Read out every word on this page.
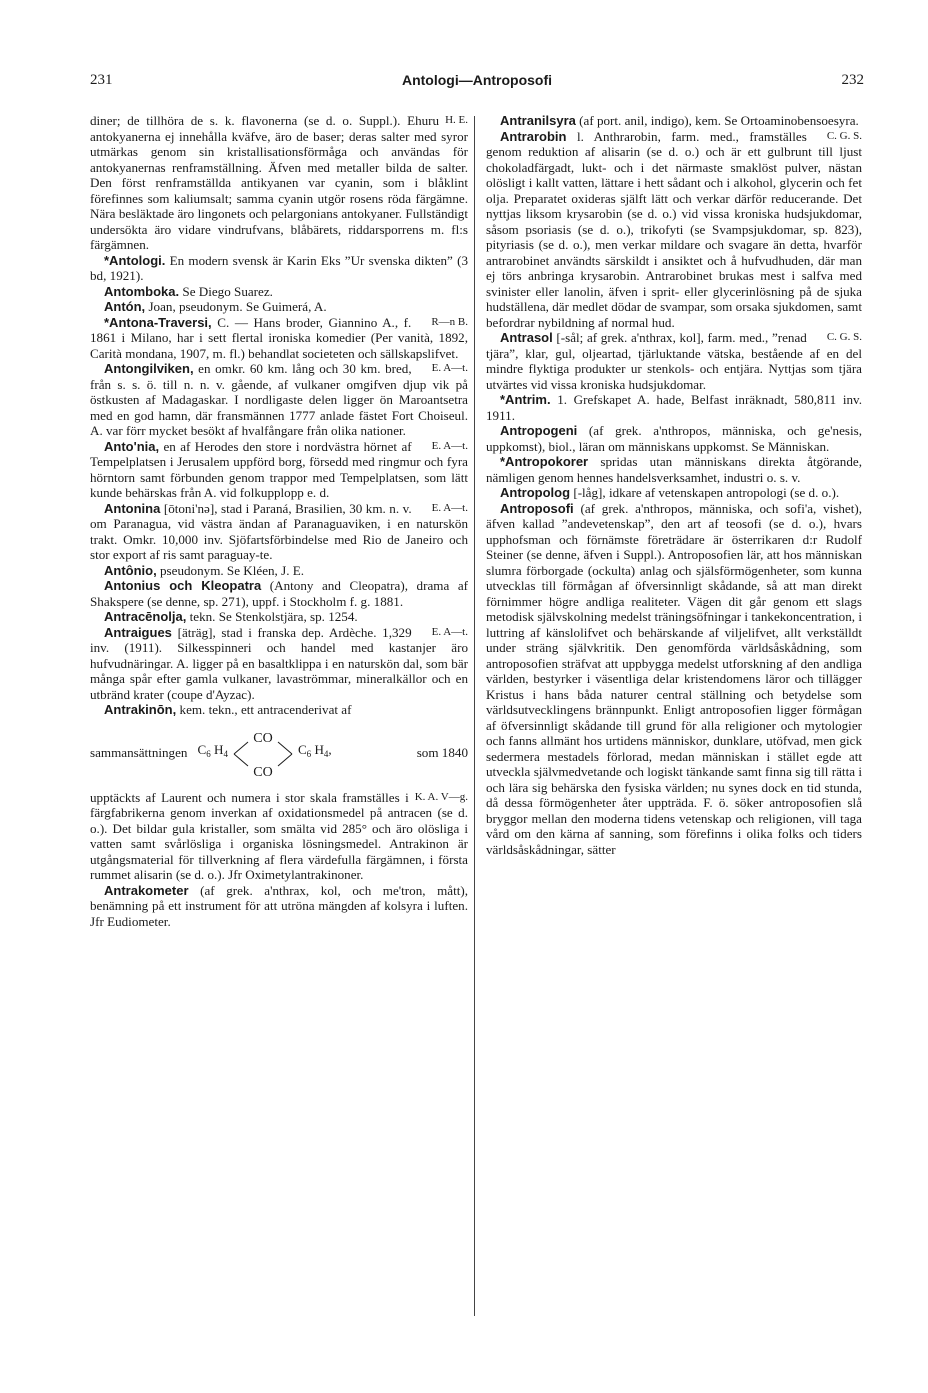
231	Antologi—Antroposofi	232

H. E.
diner; de tillhöra de s. k. flavonerna (se d. o. Suppl.). Ehuru antokyanerna ej innehålla kväfve, äro de baser; deras salter med syror utmärkas genom sin kristallisationsförmåga och användas för antokyanernas renframställning. Äfven med metaller bilda de salter. Den först renframställda antikyanen var cyanin, som i blåklint förefinnes som kaliumsalt; samma cyanin utgör rosens röda färgämne. Nära besläktade äro lingonets och pelargonians antokyaner. Fullständigt undersökta äro vidare vindrufvans, blåbärets, riddarsporrens m. fl:s färgämnen.

*Antologi. En modern svensk är Karin Eks ”Ur svenska dikten” (3 bd, 1921).

Antomboka. Se Diego Suarez.

Antón, Joan, pseudonym. Se Guimerá, A.

R—n B.
*Antona-Traversi, C. — Hans broder, Giannino A., f. 1861 i Milano, har i sett flertal ironiska komedier (Per vanità, 1892, Carità mondana, 1907, m. fl.) behandlat societeten och sällskapslifvet.

E. A—t.
Antongilviken, en omkr. 60 km. lång och 30 km. bred, från s. s. ö. till n. n. v. gående, af vulkaner omgifven djup vik på östkusten af Madagaskar. I nordligaste delen ligger ön Maroantsetra med en god hamn, där fransmännen 1777 anlade fästet Fort Choiseul. A. var förr mycket besökt af hvalfångare från olika nationer.

E. A—t.
Anto'nia, en af Herodes den store i nordvästra hörnet af Tempelplatsen i Jerusalem uppförd borg, försedd med ringmur och fyra hörntorn samt förbunden genom trappor med Tempelplatsen, som lätt kunde behärskas från A. vid folkupplopp e. d.

E. A—t.
Antonina [ōtoni'nə], stad i Paraná, Brasilien, 30 km. n. v. om Paranagua, vid västra ändan af Paranaguaviken, i en naturskön trakt. Omkr. 10,000 inv. Sjöfartsförbindelse med Rio de Janeiro och stor export af ris samt paraguay-te.

Antônio, pseudonym. Se Kléen, J. E.

Antonius och Kleopatra (Antony and Cleopatra), drama af Shakspere (se denne, sp. 271), uppf. i Stockholm f. g. 1881.

Antracēnolja, tekn. Se Stenkolstjära, sp. 1254.

E. A—t.
Antraigues [äträg], stad i franska dep. Ardèche. 1,329 inv. (1911). Silkesspinneri och handel med kastanjer äro hufvudnäringar. A. ligger på en basaltklippa i en naturskön dal, som bär många spår efter gamla vulkaner, lavaströmmar, mineralkällor och en utbränd krater (coupe d'Ayzac).

Antrakinōn, kem. tekn., ett antracenderivat af

sammansättningen $C_6$ $H_4$
CO
CO
$C_6$ $H_4$,	som 1840

K. A. V—g.
upptäckts af Laurent och numera i stor skala framställes i färgfabrikerna genom inverkan af oxidationsmedel på antracen (se d. o.). Det bildar gula kristaller, som smälta vid 285° och äro olösliga i vatten samt svårlösliga i organiska lösningsmedel. Antrakinon är utgångsmaterial för tillverkning af flera värdefulla färgämnen, i första rummet alisarin (se d. o.). Jfr Oximetylantrakinoner.

Antrakometer (af grek. a'nthrax, kol, och me'tron, mått), benämning på ett instrument för att utröna mängden af kolsyra i luften. Jfr Eudiometer.

Antranilsyra (af port. anil, indigo), kem. Se Ortoaminobensoesyra.

C. G. S.
Antrarobin l. Anthrarobin, farm. med., framställes genom reduktion af alisarin (se d. o.) och är ett gulbrunt till ljust chokoladfärgadt, lukt- och i det närmaste smaklöst pulver, nästan olösligt i kallt vatten, lättare i hett sådant och i alkohol, glycerin och fet olja. Preparatet oxideras själft lätt och verkar därför reducerande. Det nyttjas liksom krysarobin (se d. o.) vid vissa kroniska hudsjukdomar, såsom psoriasis (se d. o.), trikofyti (se Svampsjukdomar, sp. 823), pityriasis (se d. o.), men verkar mildare och svagare än detta, hvarför antrarobinet användts särskildt i ansiktet och å hufvudhuden, där man ej törs anbringa krysarobin. Antrarobinet brukas mest i salfva med svinister eller lanolin, äfven i sprit- eller glycerinlösning på de sjuka hudställena, där medlet dödar de svampar, som orsaka sjukdomen, samt befordrar nybildning af normal hud.

C. G. S.
Antrasol [-sål; af grek. a'nthrax, kol], farm. med., ”renad tjära”, klar, gul, oljeartad, tjärluktande vätska, bestående af en del mindre flyktiga produkter ur stenkols- och entjära. Nyttjas som tjära utvärtes vid vissa kroniska hudsjukdomar.

*Antrim. 1. Grefskapet A. hade, Belfast inräknadt, 580,811 inv. 1911.

Antropogeni (af grek. a'nthropos, människa, och ge'nesis, uppkomst), biol., läran om människans uppkomst. Se Människan.

*Antropokorer spridas utan människans direkta åtgörande, nämligen genom hennes handelsverksamhet, industri o. s. v.

Antropolog [-låg], idkare af vetenskapen antropologi (se d. o.).

Antroposofi (af grek. a'nthropos, människa, och sofi'a, vishet), äfven kallad ”andevetenskap”, den art af teosofi (se d. o.), hvars upphofsman och förnämste företrädare är österrikaren d:r Rudolf Steiner (se denne, äfven i Suppl.). Antroposofien lär, att hos människan slumra förborgade (ockulta) anlag och själsförmögenheter, som kunna utvecklas till förmågan af öfversinnligt skådande, så att man direkt förnimmer högre andliga realiteter. Vägen dit går genom ett slags metodisk självskolning medelst träningsöfningar i tankekoncentration, i luttring af känslolifvet och behärskande af viljelifvet, allt verkställdt under sträng självkritik. Den genomförda världsåskådning, som antroposofien sträfvat att uppbygga medelst utforskning af den andliga världen, bestyrker i väsentliga delar kristendomens läror och tillägger Kristus i hans båda naturer central ställning och betydelse som världsutvecklingens brännpunkt. Enligt antroposofien ligger förmågan af öfversinnligt skådande till grund för alla religioner och mytologier och fanns allmänt hos urtidens människor, dunklare, utöfvad, men gick sedermera mestadels förlorad, medan människan i stället egde att utveckla självmedvetande och logiskt tänkande samt finna sig till rätta i och lära sig behärska den fysiska världen; nu synes dock en tid stunda, då dessa förmögenheter åter uppträda. F. ö. söker antroposofien slå bryggor mellan den moderna tidens vetenskap och religionen, vill taga vård om den kärna af sanning, som förefinns i olika folks och tiders världsåskådningar, sätter
